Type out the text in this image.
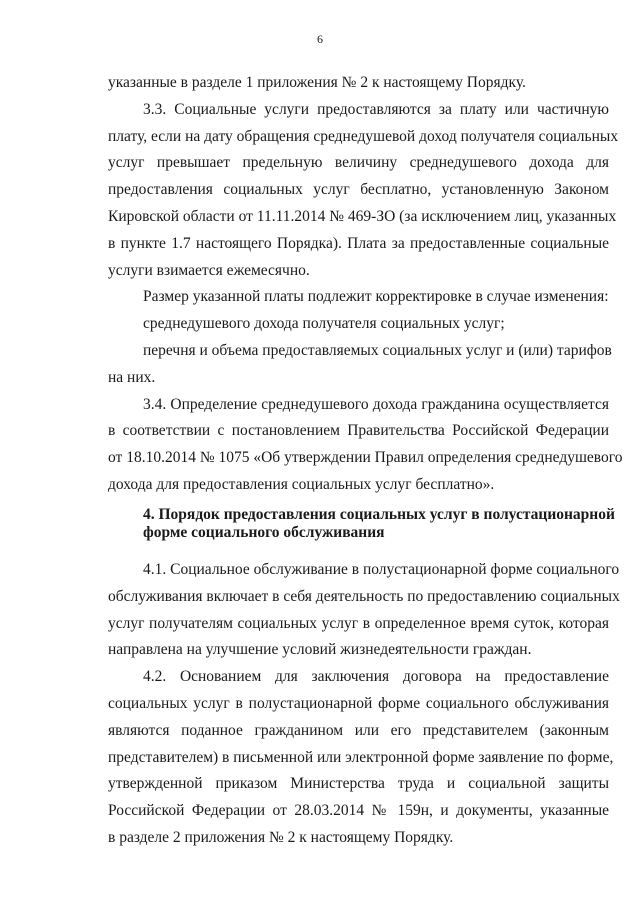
6
указанные в разделе 1 приложения № 2 к настоящему Порядку.
3.3. Социальные услуги предоставляются за плату или частичную
плату, если на дату обращения среднедушевой доход получателя социальных
услуг превышает предельную величину среднедушевого дохода для
предоставления социальных услуг бесплатно, установленную Законом
Кировской области от 11.11.2014 № 469-ЗО (за исключением лиц, указанных
в пункте 1.7 настоящего Порядка). Плата за предоставленные социальные
услуги взимается ежемесячно.
Размер указанной платы подлежит корректировке в случае изменения:
среднедушевого дохода получателя социальных услуг;
перечня и объема предоставляемых социальных услуг и (или) тарифов
на них.
3.4. Определение среднедушевого дохода гражданина осуществляется
в соответствии с постановлением Правительства Российской Федерации
от 18.10.2014 № 1075 «Об утверждении Правил определения среднедушевого
дохода для предоставления социальных услуг бесплатно».
4. Порядок предоставления социальных услуг в полустационарной
форме социального обслуживания
4.1. Социальное обслуживание в полустационарной форме социального
обслуживания включает в себя деятельность по предоставлению социальных
услуг получателям социальных услуг в определенное время суток, которая
направлена на улучшение условий жизнедеятельности граждан.
4.2. Основанием для заключения договора на предоставление
социальных услуг в полустационарной форме социального обслуживания
являются поданное гражданином или его представителем (законным
представителем) в письменной или электронной форме заявление по форме,
утвержденной приказом Министерства труда и социальной защиты
Российской Федерации от 28.03.2014 № 159н, и документы, указанные
в разделе 2 приложения № 2 к настоящему Порядку.
